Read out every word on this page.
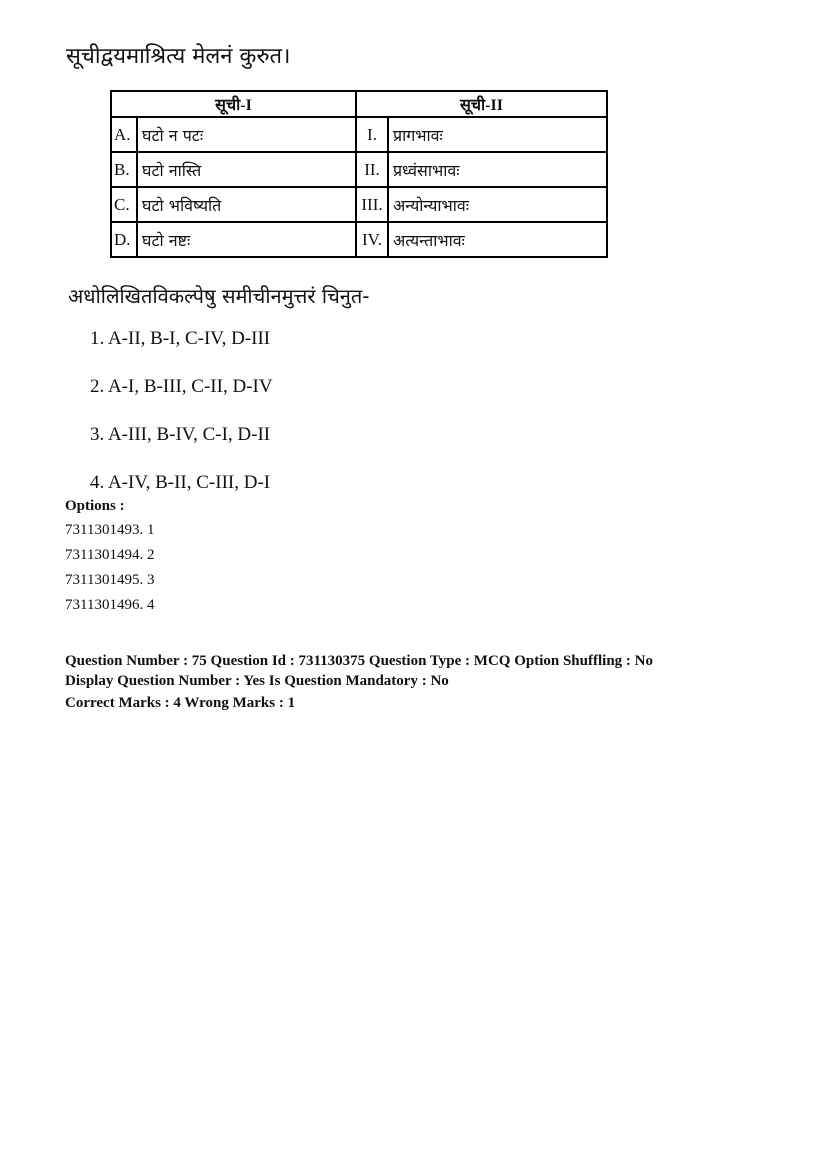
सूचीद्वयमाश्रित्य मेलनं कुरुत।
सूची-I		सूची-II	
A.	घटो न पटः	I.	प्रागभावः
B.	घटो नास्ति	II.	प्रध्वंसाभावः
C.	घटो भविष्यति	III.	अन्योन्याभावः
D.	घटो नष्टः	IV.	अत्यन्ताभावः
अधोलिखितविकल्पेषु समीचीनमुत्तरं चिनुत-
1. A-II, B-I, C-IV, D-III
2. A-I, B-III, C-II, D-IV
3. A-III, B-IV, C-I, D-II
4. A-IV, B-II, C-III, D-I
Options :
7311301493. 1
7311301494. 2
7311301495. 3
7311301496. 4
Question Number : 75 Question Id : 731130375 Question Type : MCQ Option Shuffling : No
Display Question Number : Yes Is Question Mandatory : No
Correct Marks : 4 Wrong Marks : 1
